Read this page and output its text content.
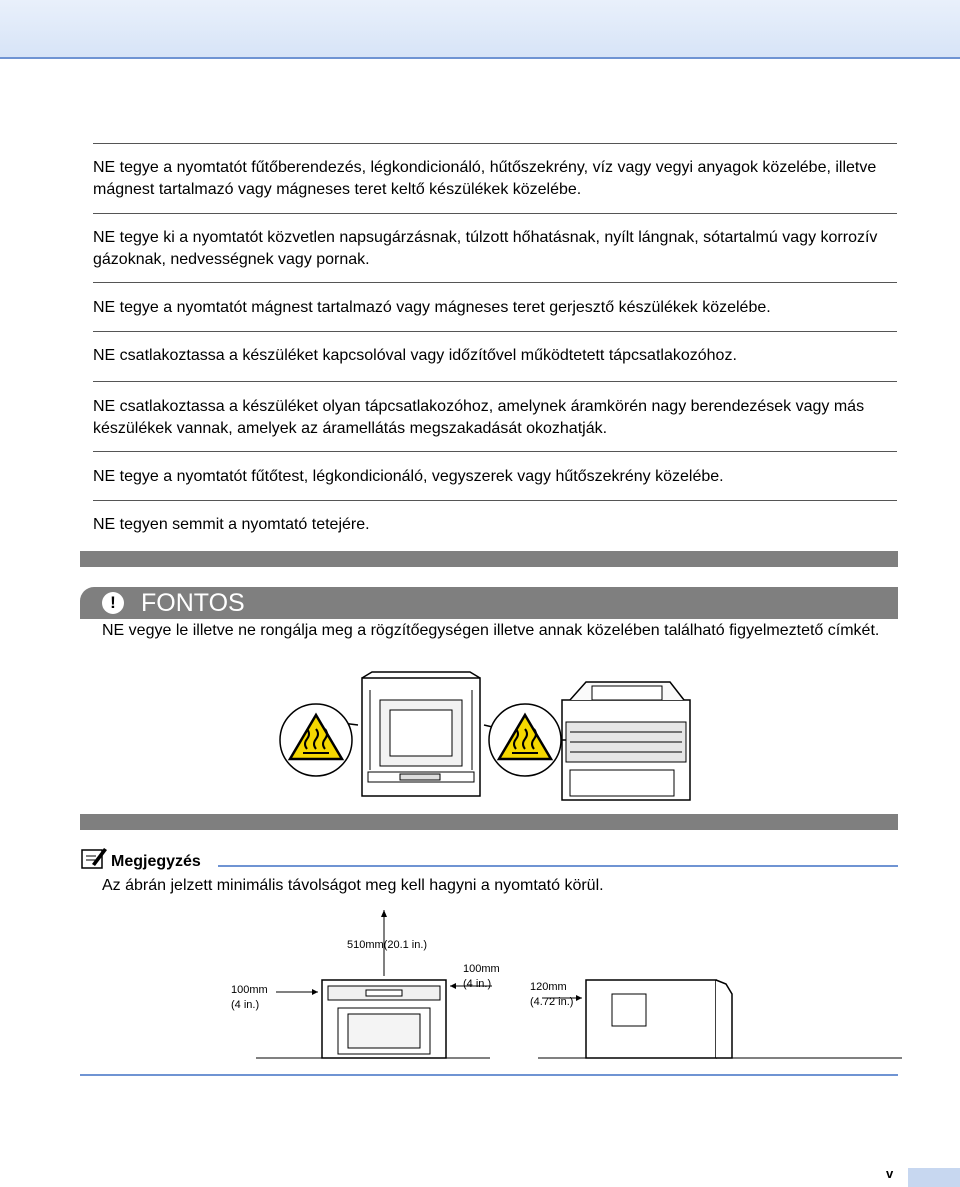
NE tegye a nyomtatót fűtőberendezés, légkondicionáló, hűtőszekrény, víz vagy vegyi anyagok közelébe, illetve mágnest tartalmazó vagy mágneses teret keltő készülékek közelébe.
NE tegye ki a nyomtatót közvetlen napsugárzásnak, túlzott hőhatásnak, nyílt lángnak, sótartalmú vagy korrozív gázoknak, nedvességnek vagy pornak.
NE tegye a nyomtatót mágnest tartalmazó vagy mágneses teret gerjesztő készülékek közelébe.
NE csatlakoztassa a készüléket kapcsolóval vagy időzítővel működtetett tápcsatlakozóhoz.
NE csatlakoztassa a készüléket olyan tápcsatlakozóhoz, amelynek áramkörén nagy berendezések vagy más készülékek vannak, amelyek az áramellátás megszakadását okozhatják.
NE tegye a nyomtatót fűtőtest, légkondicionáló, vegyszerek vagy hűtőszekrény közelébe.
NE tegyen semmit a nyomtató tetejére.
!	FONTOS
NE vegye le illetve ne rongálja meg a rögzítőegységen illetve annak közelében található figyelmeztető címkét.
Megjegyzés
Az ábrán jelzett minimális távolságot meg kell hagyni a nyomtató körül.
510mm(20.1 in.)
100mm
(4 in.)
100mm
(4 in.)	120mm
(4.72 in.)
v
